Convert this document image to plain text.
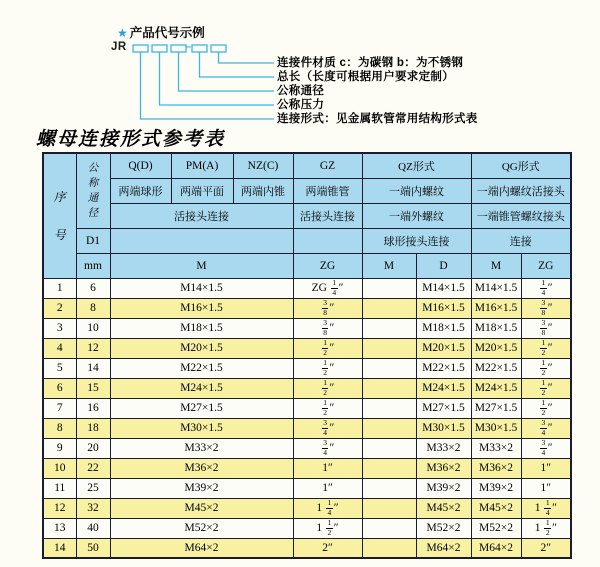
★ 产品代号示例
JR	–
连接件材质 c：为碳钢 b：为不锈钢
总长（长度可根据用户要求定制）
公称通径
公称压力
连接形式：见金属软管常用结构形式表
螺母连接形式参考表
序号	公称通径	Q(D)	PM(A)	NZ(C)	GZ	QZ形式		QG形式	
		两端球形	两端平面	两端内锥	两端锥管	一端内螺纹		一端内螺纹活接头	
		活接头连接			活接头连接	一端外螺纹		一端锥管螺纹接头	
	D1					球形接头连接		连接	
	mm	M			ZG	M	D	M	ZG
1	6	M14×1.5			ZG $\frac{1}{4}$ ″		M14×1.5	M14×1.5	$\frac{1}{4}$ ″
2	8	M16×1.5			$\frac{3}{8}$ ″		M16×1.5	M16×1.5	$\frac{3}{8}$ ″
3	10	M18×1.5			$\frac{3}{8}$ ″		M18×1.5	M18×1.5	$\frac{3}{8}$ ″
4	12	M20×1.5			$\frac{1}{2}$ ″		M20×1.5	M20×1.5	$\frac{1}{2}$ ″
5	14	M22×1.5			$\frac{1}{2}$ ″		M22×1.5	M22×1.5	$\frac{1}{2}$ ″
6	15	M24×1.5			$\frac{1}{2}$ ″		M24×1.5	M24×1.5	$\frac{1}{2}$ ″
7	16	M27×1.5			$\frac{1}{2}$ ″		M27×1.5	M27×1.5	$\frac{1}{2}$ ″
8	18	M30×1.5			$\frac{3}{4}$ ″		M30×1.5	M30×1.5	$\frac{3}{4}$ ″
9	20	M33×2			$\frac{3}{4}$ ″		M33×2	M33×2	$\frac{3}{4}$ ″
10	22	M36×2			1″		M36×2	M36×2	1″
11	25	M39×2			1″		M39×2	M39×2	1″
12	32	M45×2			$1 \frac{1}{4}$ ″		M45×2	M45×2	$1 \frac{1}{4}$ ″
13	40	M52×2			$1 \frac{1}{2}$ ″		M52×2	M52×2	$1 \frac{1}{2}$ ″
14	50	M64×2			2″		M64×2	M64×2	2″
